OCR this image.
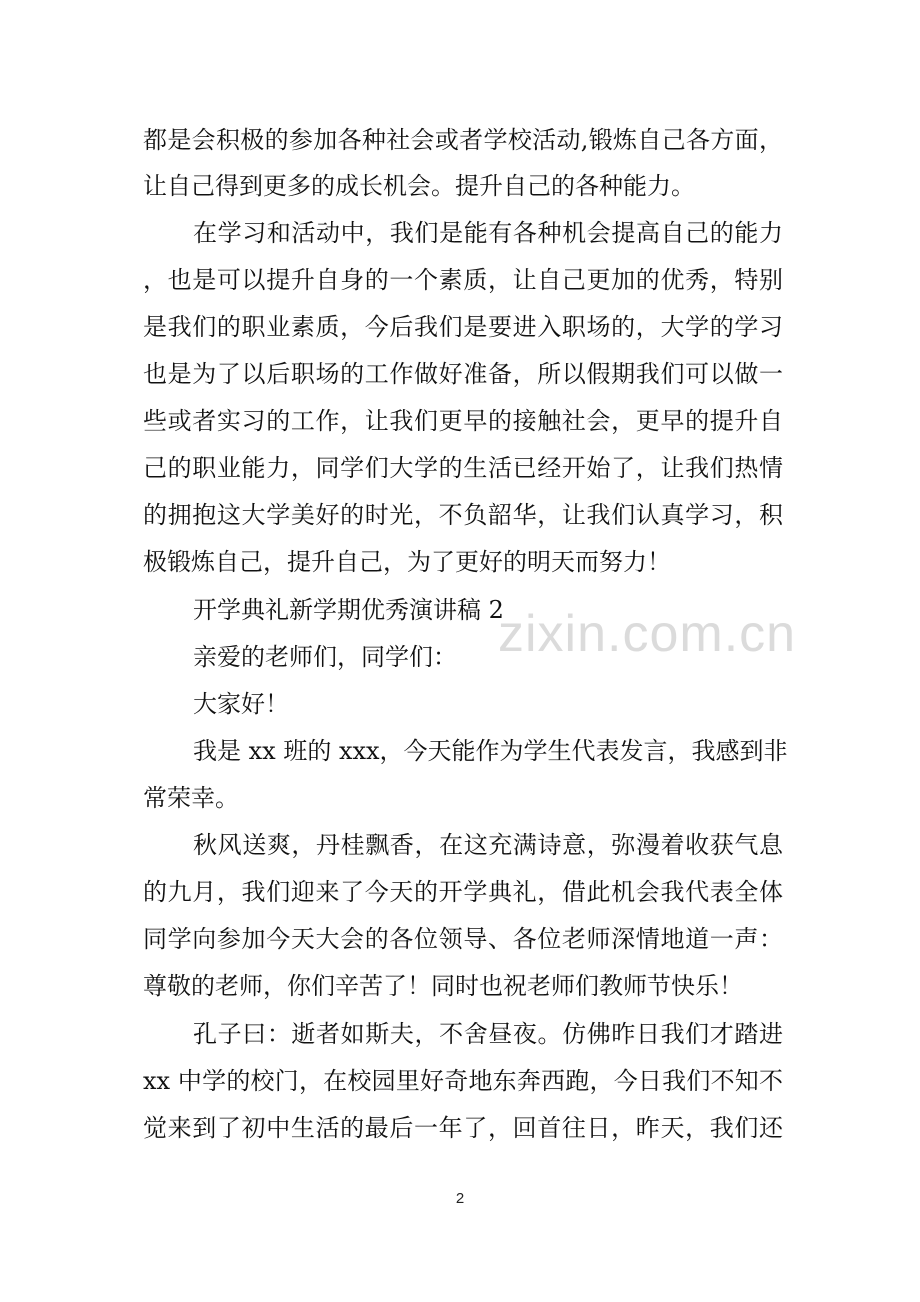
都是会积极的参加各种社会或者学校活动,锻炼自己各方面，
让自己得到更多的成长机会。提升自己的各种能力。
在学习和活动中，我们是能有各种机会提高自己的能力
，也是可以提升自身的一个素质，让自己更加的优秀，特别
是我们的职业素质，今后我们是要进入职场的，大学的学习
也是为了以后职场的工作做好准备，所以假期我们可以做一
些或者实习的工作，让我们更早的接触社会，更早的提升自
己的职业能力，同学们大学的生活已经开始了，让我们热情
的拥抱这大学美好的时光，不负韶华，让我们认真学习，积
极锻炼自己，提升自己，为了更好的明天而努力！
开学典礼新学期优秀演讲稿 2
亲爱的老师们，同学们：
大家好！
我是 xx 班的 xxx，今天能作为学生代表发言，我感到非
常荣幸。
秋风送爽，丹桂飘香，在这充满诗意，弥漫着收获气息
的九月，我们迎来了今天的开学典礼，借此机会我代表全体
同学向参加今天大会的各位领导、各位老师深情地道一声：
尊敬的老师，你们辛苦了！同时也祝老师们教师节快乐！
孔子曰：逝者如斯夫，不舍昼夜。仿佛昨日我们才踏进
xx 中学的校门，在校园里好奇地东奔西跑，今日我们不知不
觉来到了初中生活的最后一年了，回首往日，昨天，我们还
zixin.com.cn
2
